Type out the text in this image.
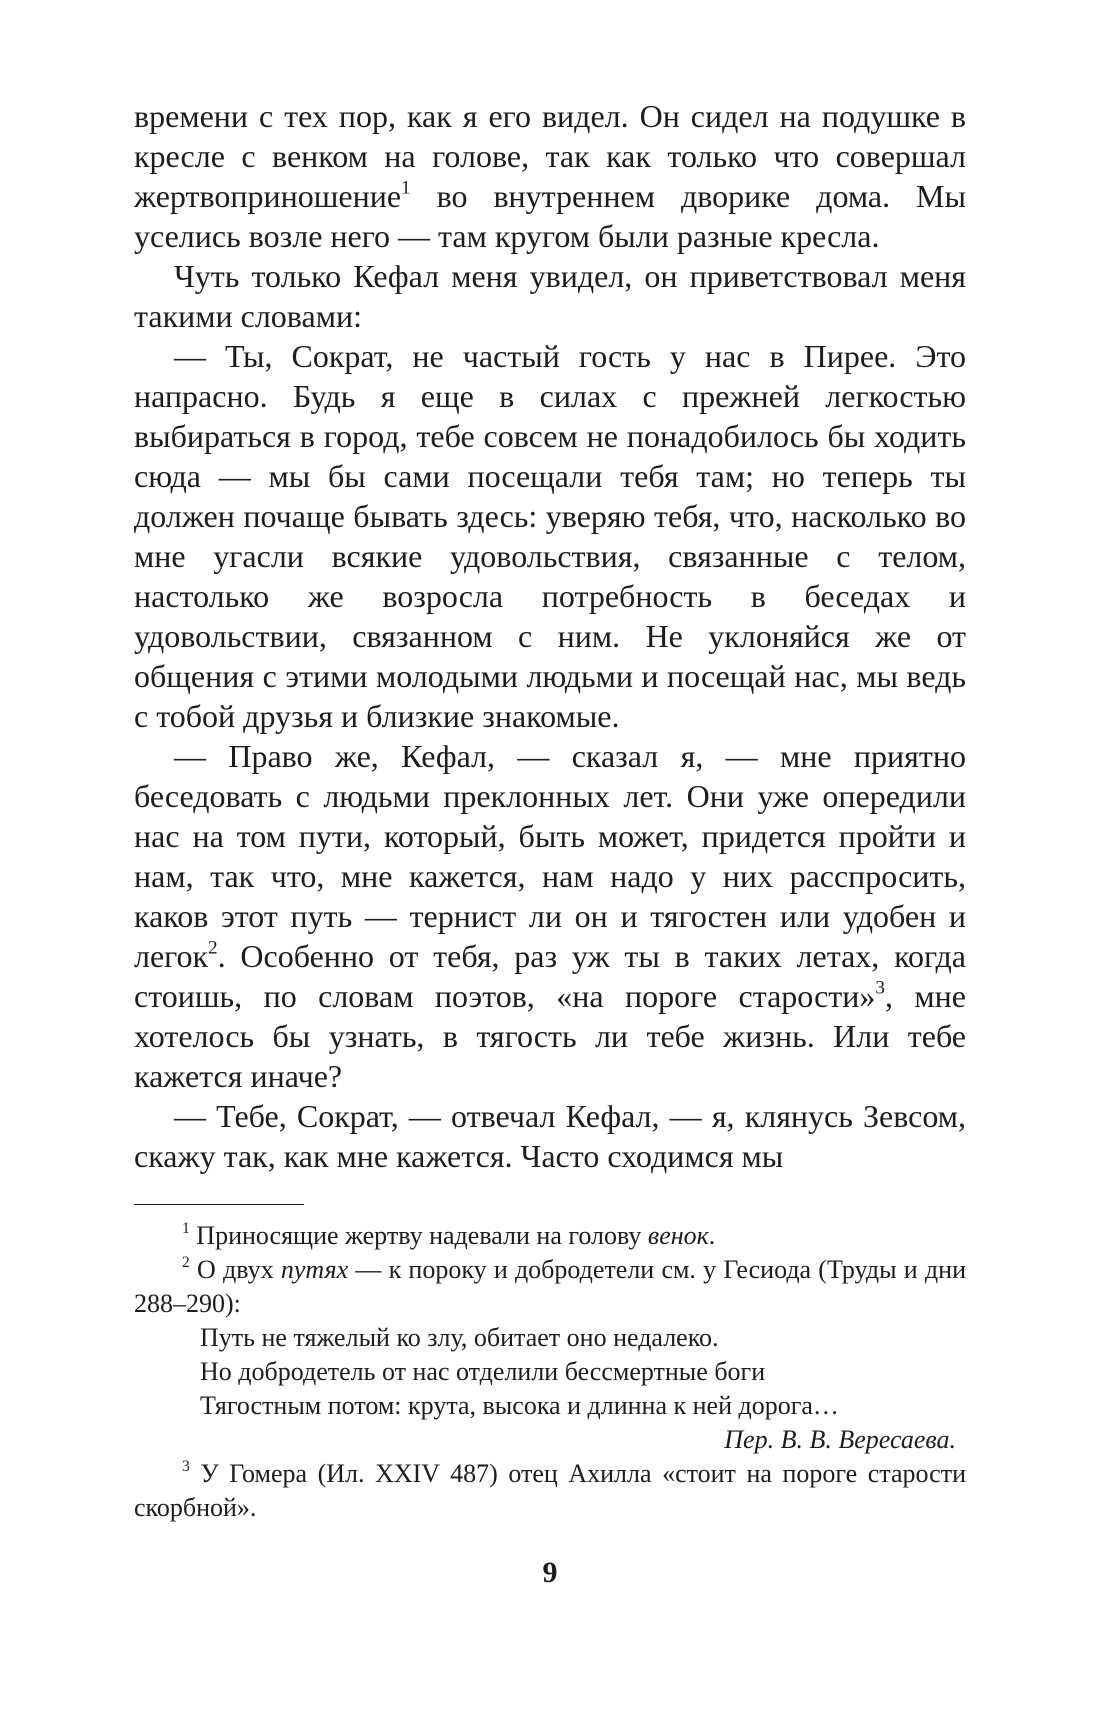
времени с тех пор, как я его видел. Он сидел на подушке в кресле с венком на голове, так как только что совершал жертвоприношение$^1$ во внутреннем дворике дома. Мы уселись возле него — там кругом были разные кресла.

Чуть только Кефал меня увидел, он приветствовал меня такими словами:

— Ты, Сократ, не частый гость у нас в Пирее. Это напрасно. Будь я еще в силах с прежней легкостью выбираться в город, тебе совсем не понадобилось бы ходить сюда — мы бы сами посещали тебя там; но теперь ты должен почаще бывать здесь: уверяю тебя, что, насколько во мне угасли всякие удовольствия, связанные с телом, настолько же возросла потребность в беседах и удовольствии, связанном с ним. Не уклоняйся же от общения с этими молодыми людьми и посещай нас, мы ведь с тобой друзья и близкие знакомые.

— Право же, Кефал, — сказал я, — мне приятно беседовать с людьми преклонных лет. Они уже опередили нас на том пути, который, быть может, придется пройти и нам, так что, мне кажется, нам надо у них расспросить, каков этот путь — тернист ли он и тягостен или удобен и легок$^2$. Особенно от тебя, раз уж ты в таких летах, когда стоишь, по словам поэтов, «на пороге старости»$^3$, мне хотелось бы узнать, в тягость ли тебе жизнь. Или тебе кажется иначе?

— Тебе, Сократ, — отвечал Кефал, — я, клянусь Зевсом, скажу так, как мне кажется. Часто сходимся мы

$^1$ Приносящие жертву надевали на голову венок.

$^2$ О двух путях — к пороку и добродетели см. у Гесиода (Труды и дни 288–290):

Путь не тяжелый ко злу, обитает оно недалеко.
Но добродетель от нас отделили бессмертные боги
Тягостным потом: крута, высока и длинна к ней дорога…
Пер. В. В. Вересаева.

$^3$ У Гомера (Ил. XXIV 487) отец Ахилла «стоит на пороге старости скорбной».

9
